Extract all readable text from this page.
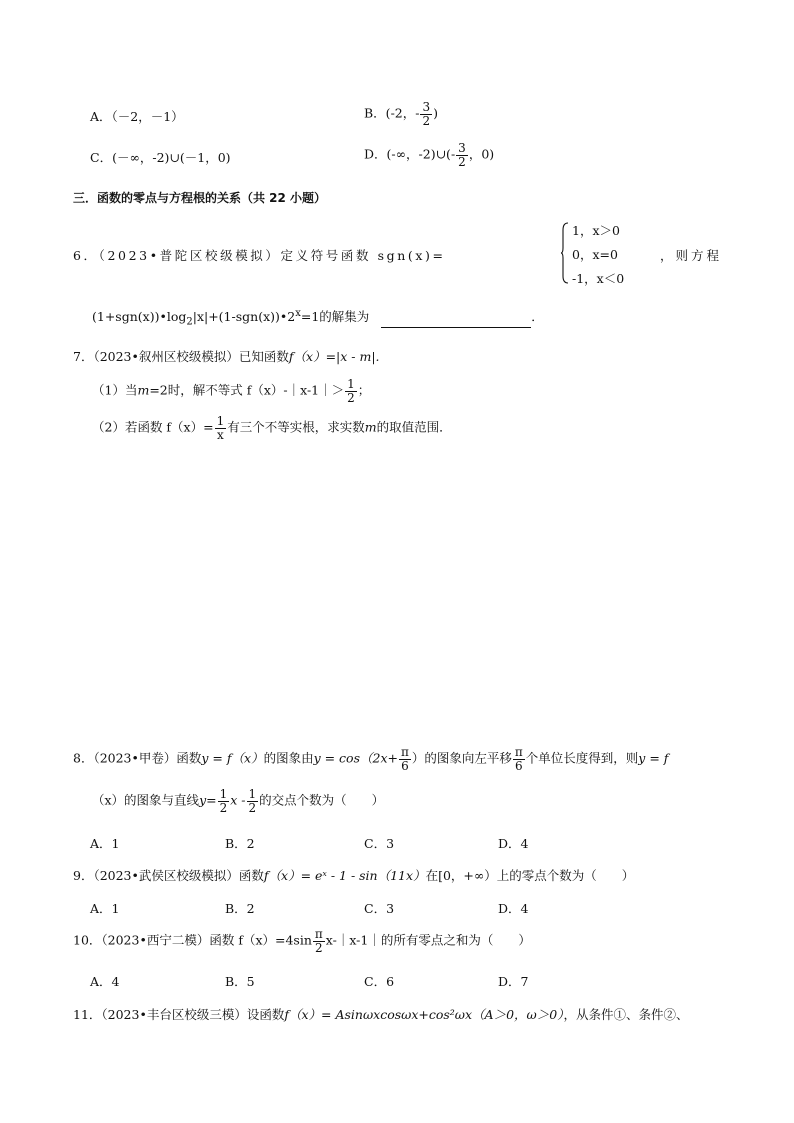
A．（－2，－1）	B．(-2，- $\frac{3}{2}$ )
C．(－∞，-2)∪(－1，0)	D．(-∞，-2)∪(- $\frac{3}{2}$ ，0)
三．函数的零点与方程根的关系（共 22 小题）
6．（2023•普陀区校级模拟）定义符号函数 sgn(x)=
1，x＞0
0，x=0
-1，x＜0
，则方程
$(1+sgn(x))•\log_2|x|+(1-sgn(x))•2^x=1$的解集为	．
7．（2023•叙州区校级模拟）已知函数f（x）=|x - m|.
（1）当m=2时，解不等式 f（x）-｜x-1｜＞ $\frac{1}{2}$ ；
（2）若函数 $f(x)= \frac{1}{x}$ 有三个不等实根，求实数m的取值范围．
8．（2023•甲卷）函数y = f（x）的图象由$y = \cos(2x+ \frac{\pi}{6}$ ）的图象向左平移 $\frac{\pi}{6}$ 个单位长度得到，则y = f
（x）的图象与直线$y= \frac{1}{2}$ x - $\frac{1}{2}$ 的交点个数为（　　）
A．1	B．2	C．3	D．4
9．（2023•武侯区校级模拟）函数f（x）= eˣ - 1 - sin（11x）在[0，+∞）上的零点个数为（　　）
A．1	B．2	C．3	D．4
10．（2023•西宁二模）函数 $f(x)=4\sin \frac{\pi}{2}$ x-｜x-1｜的所有零点之和为（　　）
A．4	B．5	C．6	D．7
11．（2023•丰台区校级三模）设函数f（x）= Asinωxcosωx+cos²ωx（A＞0，ω＞0），从条件①、条件②、
